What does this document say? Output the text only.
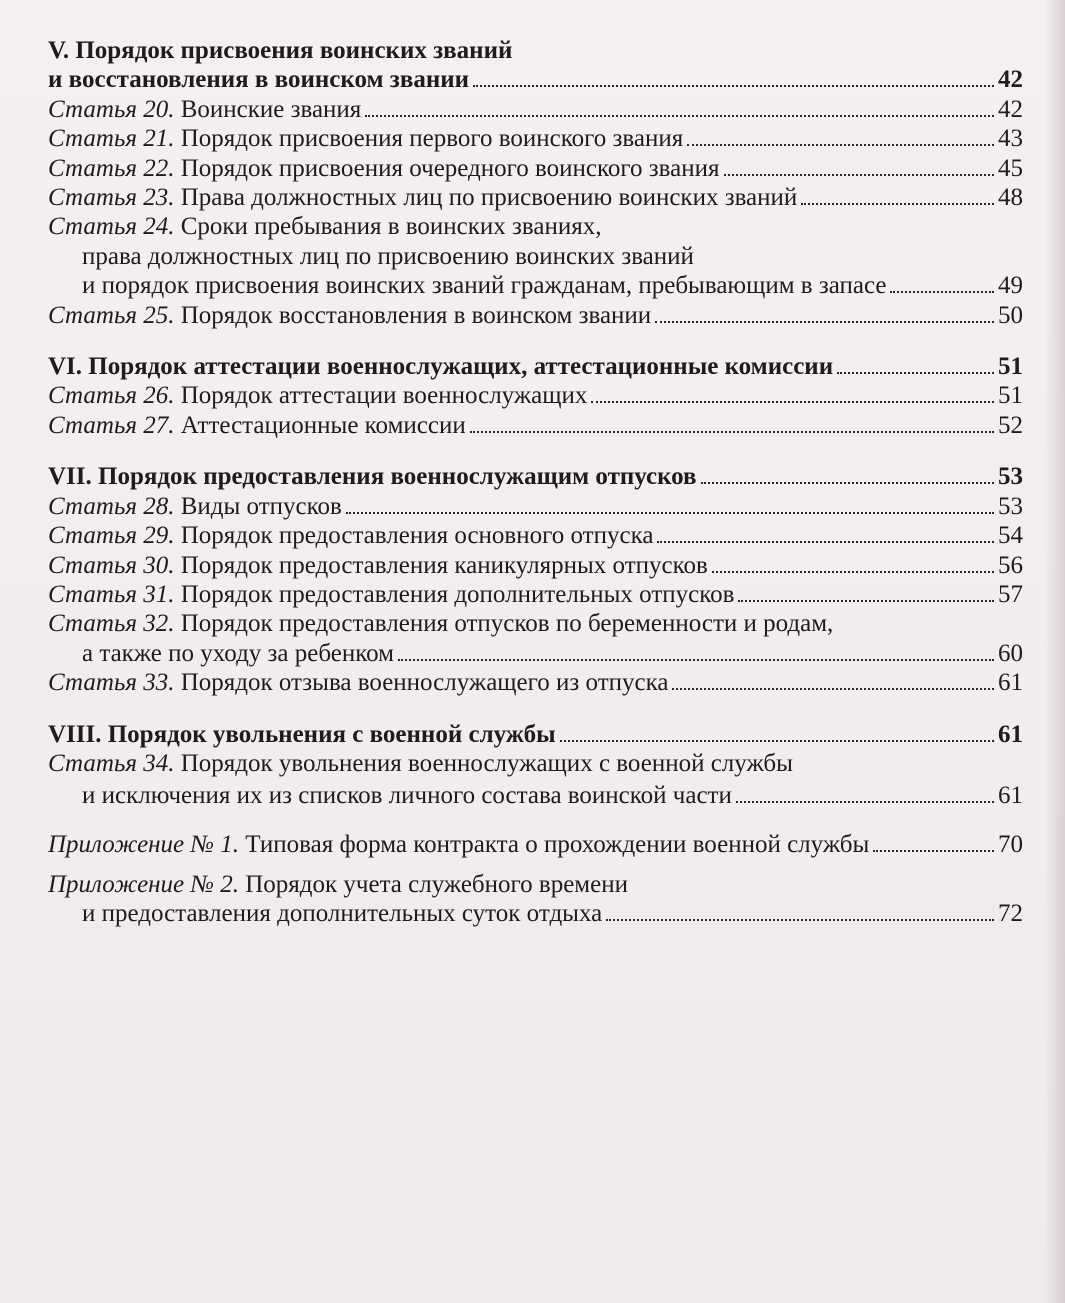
V. Порядок присвоения воинских званий
и восстановления в воинском звании	42
Статья 20. Воинские звания	42
Статья 21. Порядок присвоения первого воинского звания	43
Статья 22. Порядок присвоения очередного воинского звания	45
Статья 23. Права должностных лиц по присвоению воинских званий	48
Статья 24. Сроки пребывания в воинских званиях,
права должностных лиц по присвоению воинских званий
и порядок присвоения воинских званий гражданам, пребывающим в запасе	49
Статья 25. Порядок восстановления в воинском звании	50
VI. Порядок аттестации военнослужащих, аттестационные комиссии	51
Статья 26. Порядок аттестации военнослужащих	51
Статья 27. Аттестационные комиссии	52
VII. Порядок предоставления военнослужащим отпусков	53
Статья 28. Виды отпусков	53
Статья 29. Порядок предоставления основного отпуска	54
Статья 30. Порядок предоставления каникулярных отпусков	56
Статья 31. Порядок предоставления дополнительных отпусков	57
Статья 32. Порядок предоставления отпусков по беременности и родам,
а также по уходу за ребенком	60
Статья 33. Порядок отзыва военнослужащего из отпуска	61
VIII. Порядок увольнения с военной службы	61
Статья 34. Порядок увольнения военнослужащих с военной службы
и исключения их из списков личного состава воинской части	61
Приложение № 1. Типовая форма контракта о прохождении военной службы	70
Приложение № 2. Порядок учета служебного времени
и предоставления дополнительных суток отдыха	72
